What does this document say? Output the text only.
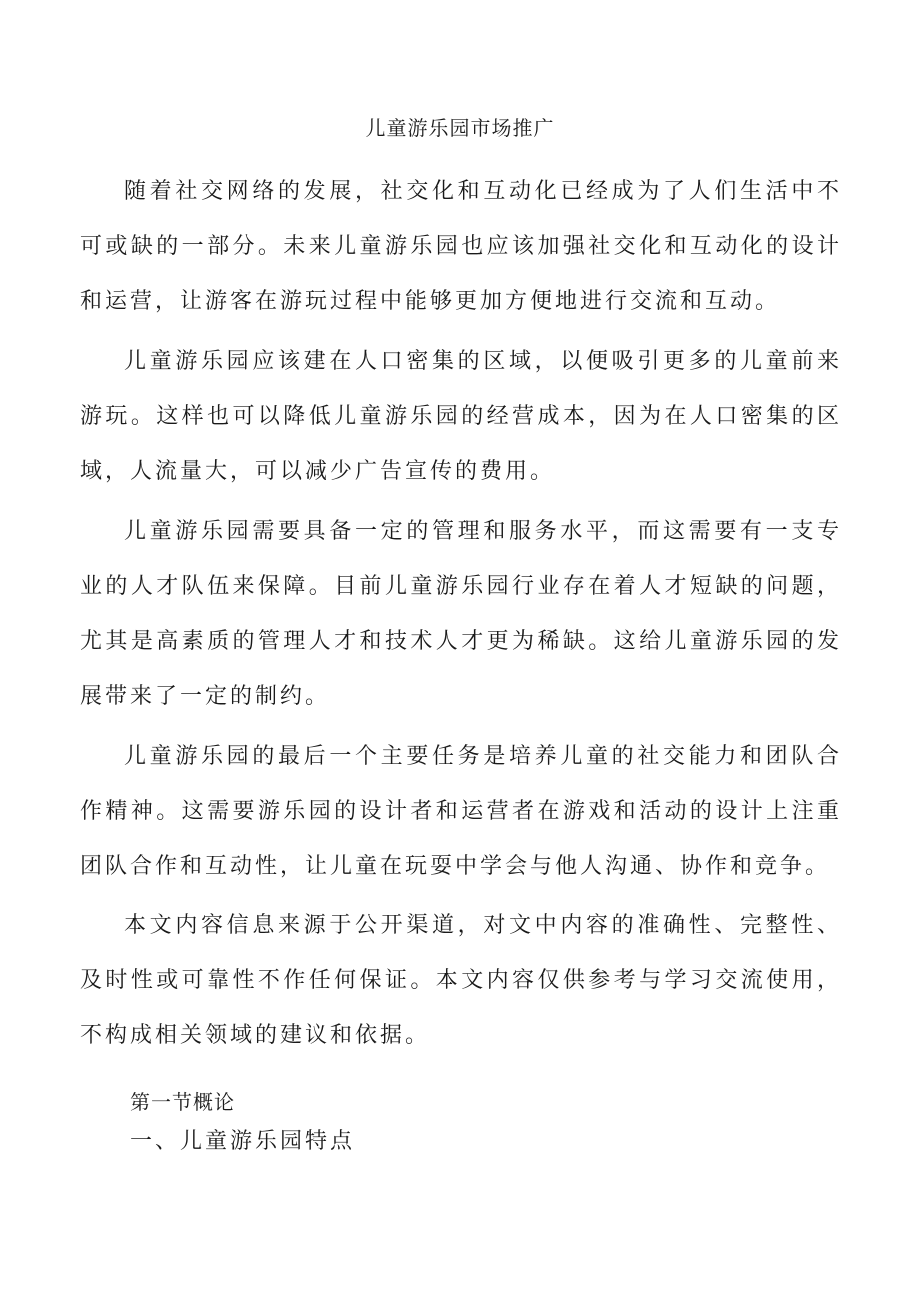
儿童游乐园市场推广

随着社交网络的发展，社交化和互动化已经成为了人们生活中不可或缺的一部分。未来儿童游乐园也应该加强社交化和互动化的设计和运营，让游客在游玩过程中能够更加方便地进行交流和互动。

儿童游乐园应该建在人口密集的区域，以便吸引更多的儿童前来游玩。这样也可以降低儿童游乐园的经营成本，因为在人口密集的区域，人流量大，可以减少广告宣传的费用。

儿童游乐园需要具备一定的管理和服务水平，而这需要有一支专业的人才队伍来保障。目前儿童游乐园行业存在着人才短缺的问题，尤其是高素质的管理人才和技术人才更为稀缺。这给儿童游乐园的发展带来了一定的制约。

儿童游乐园的最后一个主要任务是培养儿童的社交能力和团队合作精神。这需要游乐园的设计者和运营者在游戏和活动的设计上注重团队合作和互动性，让儿童在玩耍中学会与他人沟通、协作和竞争。

本文内容信息来源于公开渠道，对文中内容的准确性、完整性、及时性或可靠性不作任何保证。本文内容仅供参考与学习交流使用，不构成相关领域的建议和依据。

第一节概论
一、儿童游乐园特点
